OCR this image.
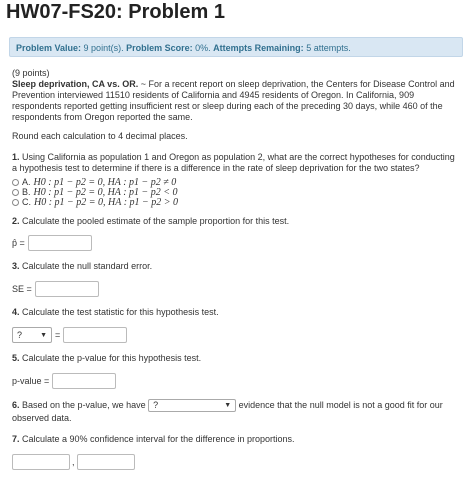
HW07-FS20: Problem 1
Problem Value: 9 point(s). Problem Score: 0%. Attempts Remaining: 5 attempts.

(9 points)

Sleep deprivation, CA vs. OR. ~ For a recent report on sleep deprivation, the Centers for Disease Control and Prevention interviewed 11510 residents of California and 4945 residents of Oregon. In California, 909 respondents reported getting insufficient rest or sleep during each of the preceding 30 days, while 460 of the respondents from Oregon reported the same.

Round each calculation to 4 decimal places.

1. Using California as population 1 and Oregon as population 2, what are the correct hypotheses for conducting a hypothesis test to determine if there is a difference in the rate of sleep deprivation for the two states?

A. H0 : p1 − p2 = 0, HA : p1 − p2 ≠ 0
B. H0 : p1 − p2 = 0, HA : p1 − p2 < 0
C. H0 : p1 − p2 = 0, HA : p1 − p2 > 0

2. Calculate the pooled estimate of the sample proportion for this test.

p̂ =

3. Calculate the null standard error.

SE =

4. Calculate the test statistic for this hypothesis test.

?	▼ =

5. Calculate the p-value for this hypothesis test.

p-value =

6. Based on the p-value, we have ?	▼ evidence that the null model is not a good fit for our observed data.

7. Calculate a 90% confidence interval for the difference in proportions.

,
